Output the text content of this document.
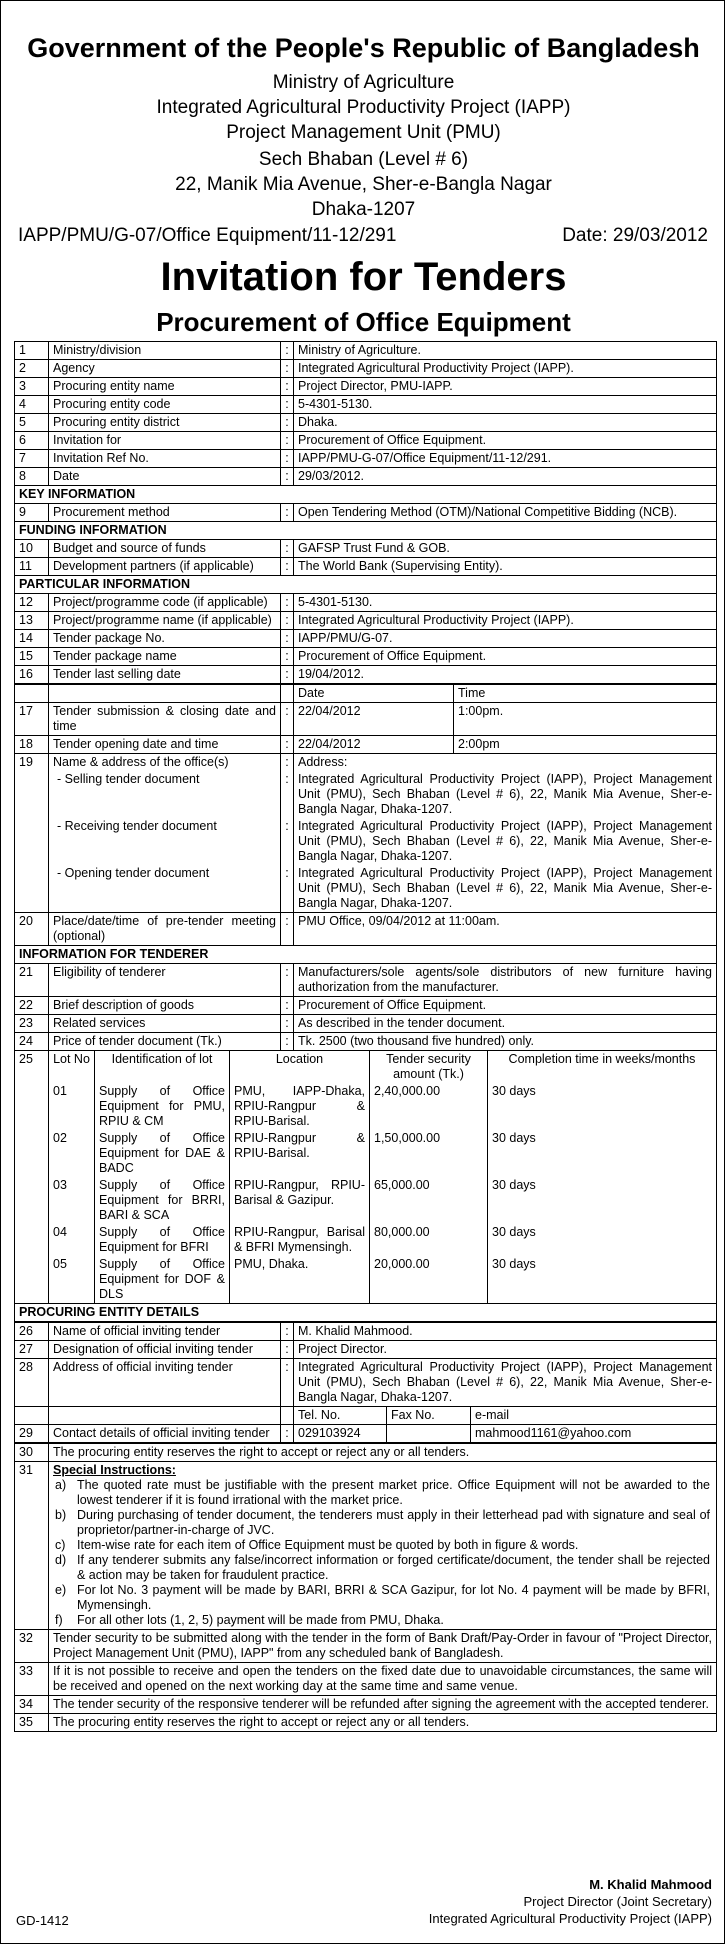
Government of the People's Republic of Bangladesh
Ministry of Agriculture
Integrated Agricultural Productivity Project (IAPP)
Project Management Unit (PMU)
Sech Bhaban (Level # 6)
22, Manik Mia Avenue, Sher-e-Bangla Nagar
Dhaka-1207
IAPP/PMU/G-07/Office Equipment/11-12/291	Date: 29/03/2012
Invitation for Tenders
Procurement of Office Equipment
1	Ministry/division	:	Ministry of Agriculture.
2	Agency	:	Integrated Agricultural Productivity Project (IAPP).
3	Procuring entity name	:	Project Director, PMU-IAPP.
4	Procuring entity code	:	5-4301-5130.
5	Procuring entity district	:	Dhaka.
6	Invitation for	:	Procurement of Office Equipment.
7	Invitation Ref No.	:	IAPP/PMU-G-07/Office Equipment/11-12/291.
8	Date	:	29/03/2012.
KEY INFORMATION			
9	Procurement method	:	Open Tendering Method (OTM)/National Competitive Bidding (NCB).
FUNDING INFORMATION			
10	Budget and source of funds	:	GAFSP Trust Fund & GOB.
11	Development partners (if applicable)	:	The World Bank (Supervising Entity).
PARTICULAR INFORMATION			
12	Project/programme code (if applicable)	:	5-4301-5130.
13	Project/programme name (if applicable)	:	Integrated Agricultural Productivity Project (IAPP).
14	Tender package No.	:	IAPP/PMU/G-07.
15	Tender package name	:	Procurement of Office Equipment.
16	Tender last selling date	:	19/04/2012.
			Date	Time
17	Tender submission & closing date and time	:	22/04/2012	1:00pm.
18	Tender opening date and time	:	22/04/2012	2:00pm
19	Name & address of the office(s)	:	Address:
	- Selling tender document	:	Integrated Agricultural Productivity Project (IAPP), Project Management Unit (PMU), Sech Bhaban (Level # 6), 22, Manik Mia Avenue, Sher-e-Bangla Nagar, Dhaka-1207.
	- Receiving tender document	:	Integrated Agricultural Productivity Project (IAPP), Project Management Unit (PMU), Sech Bhaban (Level # 6), 22, Manik Mia Avenue, Sher-e-Bangla Nagar, Dhaka-1207.
	- Opening tender document	:	Integrated Agricultural Productivity Project (IAPP), Project Management Unit (PMU), Sech Bhaban (Level # 6), 22, Manik Mia Avenue, Sher-e-Bangla Nagar, Dhaka-1207.
20	Place/date/time of pre-tender meeting (optional)	:	PMU Office, 09/04/2012 at 11:00am.
INFORMATION FOR TENDERER			
21	Eligibility of tenderer	:	Manufacturers/sole agents/sole distributors of new furniture having authorization from the manufacturer.
22	Brief description of goods	:	Procurement of Office Equipment.
23	Related services	:	As described in the tender document.
24	Price of tender document (Tk.)	:	Tk. 2500 (two thousand five hundred) only.
25	Lot No	Identification of lot	Location	Tender security amount (Tk.)	Completion time in weeks/months
	01	Supply of Office Equipment for PMU, RPIU & CM	PMU, IAPP-Dhaka, RPIU-Rangpur & RPIU-Barisal.	2,40,000.00	30 days
	02	Supply of Office Equipment for DAE & BADC	RPIU-Rangpur & RPIU-Barisal.	1,50,000.00	30 days
	03	Supply of Office Equipment for BRRI, BARI & SCA	RPIU-Rangpur, RPIU-Barisal & Gazipur.	65,000.00	30 days
	04	Supply of Office Equipment for BFRI	RPIU-Rangpur, Barisal & BFRI Mymensingh.	80,000.00	30 days
	05	Supply of Office Equipment for DOF & DLS	PMU, Dhaka.	20,000.00	30 days
PROCURING ENTITY DETAILS					
26	Name of official inviting tender	:	M. Khalid Mahmood.		
27	Designation of official inviting tender	:	Project Director.		
28	Address of official inviting tender	:	Integrated Agricultural Productivity Project (IAPP), Project Management Unit (PMU), Sech Bhaban (Level # 6), 22, Manik Mia Avenue, Sher-e-Bangla Nagar, Dhaka-1207.		
			Tel. No.	Fax No.	e-mail
29	Contact details of official inviting tender	:	029103924		mahmood1161@yahoo.com
30	The procuring entity reserves the right to accept or reject any or all tenders.
31	Special Instructions:
a)	The quoted rate must be justifiable with the present market price. Office Equipment will not be awarded to the lowest tenderer if it is found irrational with the market price.
b)	During purchasing of tender document, the tenderers must apply in their letterhead pad with signature and seal of proprietor/partner-in-charge of JVC.
c)	Item-wise rate for each item of Office Equipment must be quoted by both in figure & words.
d)	If any tenderer submits any false/incorrect information or forged certificate/document, the tender shall be rejected & action may be taken for fraudulent practice.
e)	For lot No. 3 payment will be made by BARI, BRRI & SCA Gazipur, for lot No. 4 payment will be made by BFRI, Mymensingh.
f)	For all other lots (1, 2, 5) payment will be made from PMU, Dhaka.

32	Tender security to be submitted along with the tender in the form of Bank Draft/Pay-Order in favour of "Project Director, Project Management Unit (PMU), IAPP" from any scheduled bank of Bangladesh.
33	If it is not possible to receive and open the tenders on the fixed date due to unavoidable circumstances, the same will be received and opened on the next working day at the same time and same venue.
34	The tender security of the responsive tenderer will be refunded after signing the agreement with the accepted tenderer.
35	The procuring entity reserves the right to accept or reject any or all tenders.
M. Khalid Mahmood
Project Director (Joint Secretary)
Integrated Agricultural Productivity Project (IAPP)
GD-1412
